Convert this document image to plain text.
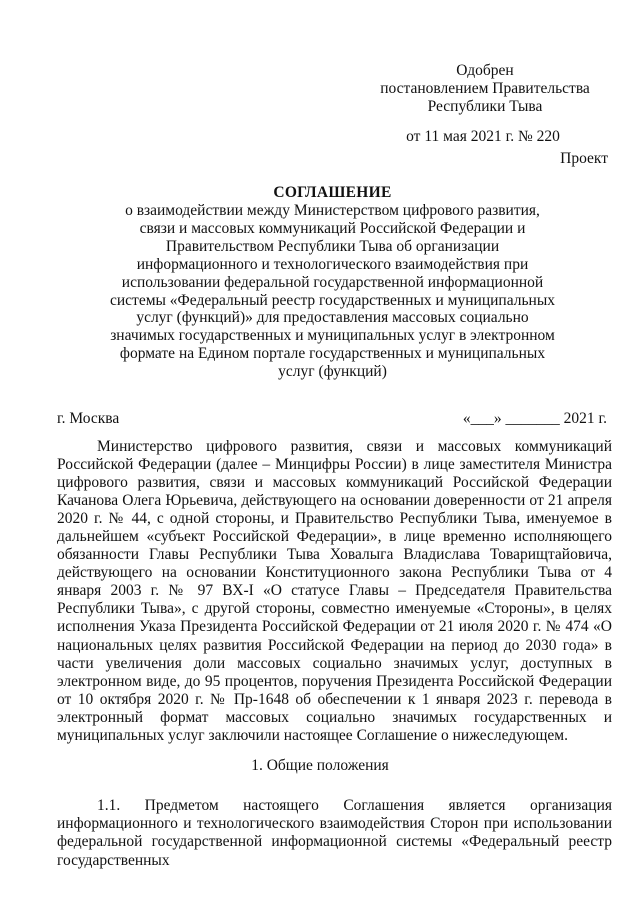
Одобрен
постановлением Правительства
Республики Тыва
от 11 мая 2021 г. № 220
Проект
СОГЛАШЕНИЕ
о взаимодействии между Министерством цифрового развития, связи и массовых коммуникаций Российской Федерации и Правительством Республики Тыва об организации информационного и технологического взаимодействия при использовании федеральной государственной информационной системы «Федеральный реестр государственных и муниципальных услуг (функций)» для предоставления массовых социально значимых государственных и муниципальных услуг в электронном формате на Едином портале государственных и муниципальных услуг (функций)
г. Москва	«___» _______ 2021 г.
Министерство цифрового развития, связи и массовых коммуникаций Российской Федерации (далее – Минцифры России) в лице заместителя Министра цифрового развития, связи и массовых коммуникаций Российской Федерации Качанова Олега Юрьевича, действующего на основании доверенности от 21 апреля 2020 г. № 44, с одной стороны, и Правительство Республики Тыва, именуемое в дальнейшем «субъект Российской Федерации», в лице временно исполняющего обязанности Главы Республики Тыва Ховалыга Владислава Товарищтайовича, действующего на основании Конституционного закона Республики Тыва от 4 января 2003 г. № 97 ВХ-I «О статусе Главы – Председателя Правительства Республики Тыва», с другой стороны, совместно именуемые «Стороны», в целях исполнения Указа Президента Российской Федерации от 21 июля 2020 г. № 474 «О национальных целях развития Российской Федерации на период до 2030 года» в части увеличения доли массовых социально значимых услуг, доступных в электронном виде, до 95 процентов, поручения Президента Российской Федерации от 10 октября 2020 г. № Пр-1648 об обеспечении к 1 января 2023 г. перевода в электронный формат массовых социально значимых государственных и муниципальных услуг заключили настоящее Соглашение о нижеследующем.
1. Общие положения
1.1. Предметом настоящего Соглашения является организация информационного и технологического взаимодействия Сторон при использовании федеральной государственной информационной системы «Федеральный реестр государственных
